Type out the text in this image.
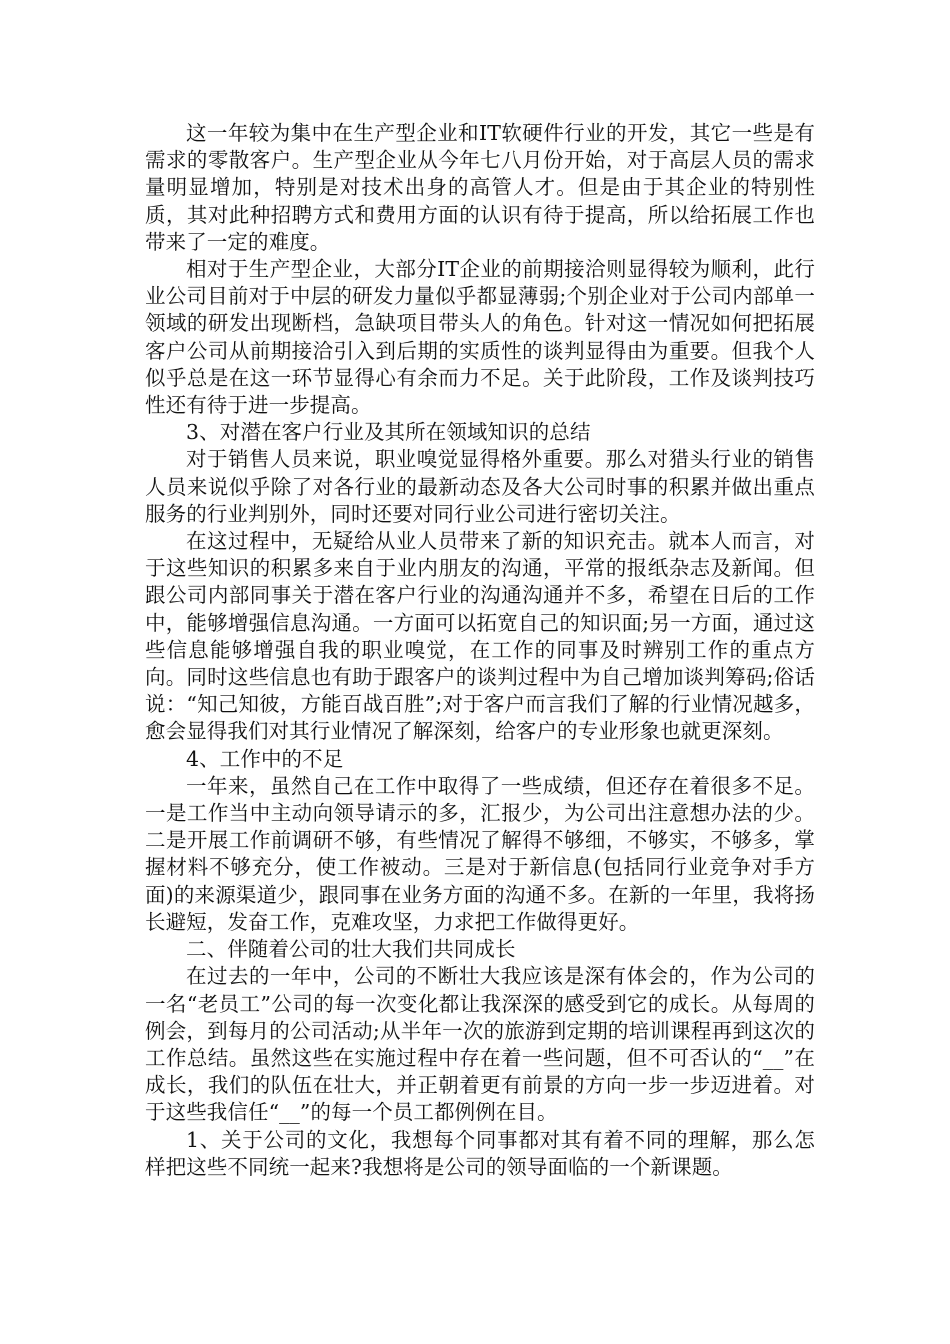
这一年较为集中在生产型企业和IT软硬件行业的开发，其它一些是有需求的零散客户。生产型企业从今年七八月份开始，对于高层人员的需求量明显增加，特别是对技术出身的高管人才。但是由于其企业的特别性质，其对此种招聘方式和费用方面的认识有待于提高，所以给拓展工作也带来了一定的难度。

相对于生产型企业，大部分IT企业的前期接洽则显得较为顺利，此行业公司目前对于中层的研发力量似乎都显薄弱;个别企业对于公司内部单一领域的研发出现断档，急缺项目带头人的角色。针对这一情况如何把拓展客户公司从前期接洽引入到后期的实质性的谈判显得由为重要。但我个人似乎总是在这一环节显得心有余而力不足。关于此阶段，工作及谈判技巧性还有待于进一步提高。

3、对潜在客户行业及其所在领域知识的总结

对于销售人员来说，职业嗅觉显得格外重要。那么对猎头行业的销售人员来说似乎除了对各行业的最新动态及各大公司时事的积累并做出重点服务的行业判别外，同时还要对同行业公司进行密切关注。

在这过程中，无疑给从业人员带来了新的知识充击。就本人而言，对于这些知识的积累多来自于业内朋友的沟通，平常的报纸杂志及新闻。但跟公司内部同事关于潜在客户行业的沟通沟通并不多，希望在日后的工作中，能够增强信息沟通。一方面可以拓宽自己的知识面;另一方面，通过这些信息能够增强自我的职业嗅觉，在工作的同事及时辨别工作的重点方向。同时这些信息也有助于跟客户的谈判过程中为自己增加谈判筹码;俗话说：“知己知彼，方能百战百胜”;对于客户而言我们了解的行业情况越多，愈会显得我们对其行业情况了解深刻，给客户的专业形象也就更深刻。

4、工作中的不足

一年来，虽然自己在工作中取得了一些成绩，但还存在着很多不足。一是工作当中主动向领导请示的多，汇报少，为公司出注意想办法的少。二是开展工作前调研不够，有些情况了解得不够细，不够实，不够多，掌握材料不够充分，使工作被动。三是对于新信息(包括同行业竞争对手方面)的来源渠道少，跟同事在业务方面的沟通不多。在新的一年里，我将扬长避短，发奋工作，克难攻坚，力求把工作做得更好。

二、伴随着公司的壮大我们共同成长

在过去的一年中，公司的不断壮大我应该是深有体会的，作为公司的一名“老员工”公司的每一次变化都让我深深的感受到它的成长。从每周的例会，到每月的公司活动;从半年一次的旅游到定期的培训课程再到这次的工作总结。虽然这些在实施过程中存在着一些问题，但不可否认的“__”在成长，我们的队伍在壮大，并正朝着更有前景的方向一步一步迈进着。对于这些我信任“__”的每一个员工都例例在目。

1、关于公司的文化，我想每个同事都对其有着不同的理解，那么怎样把这些不同统一起来?我想将是公司的领导面临的一个新课题。
